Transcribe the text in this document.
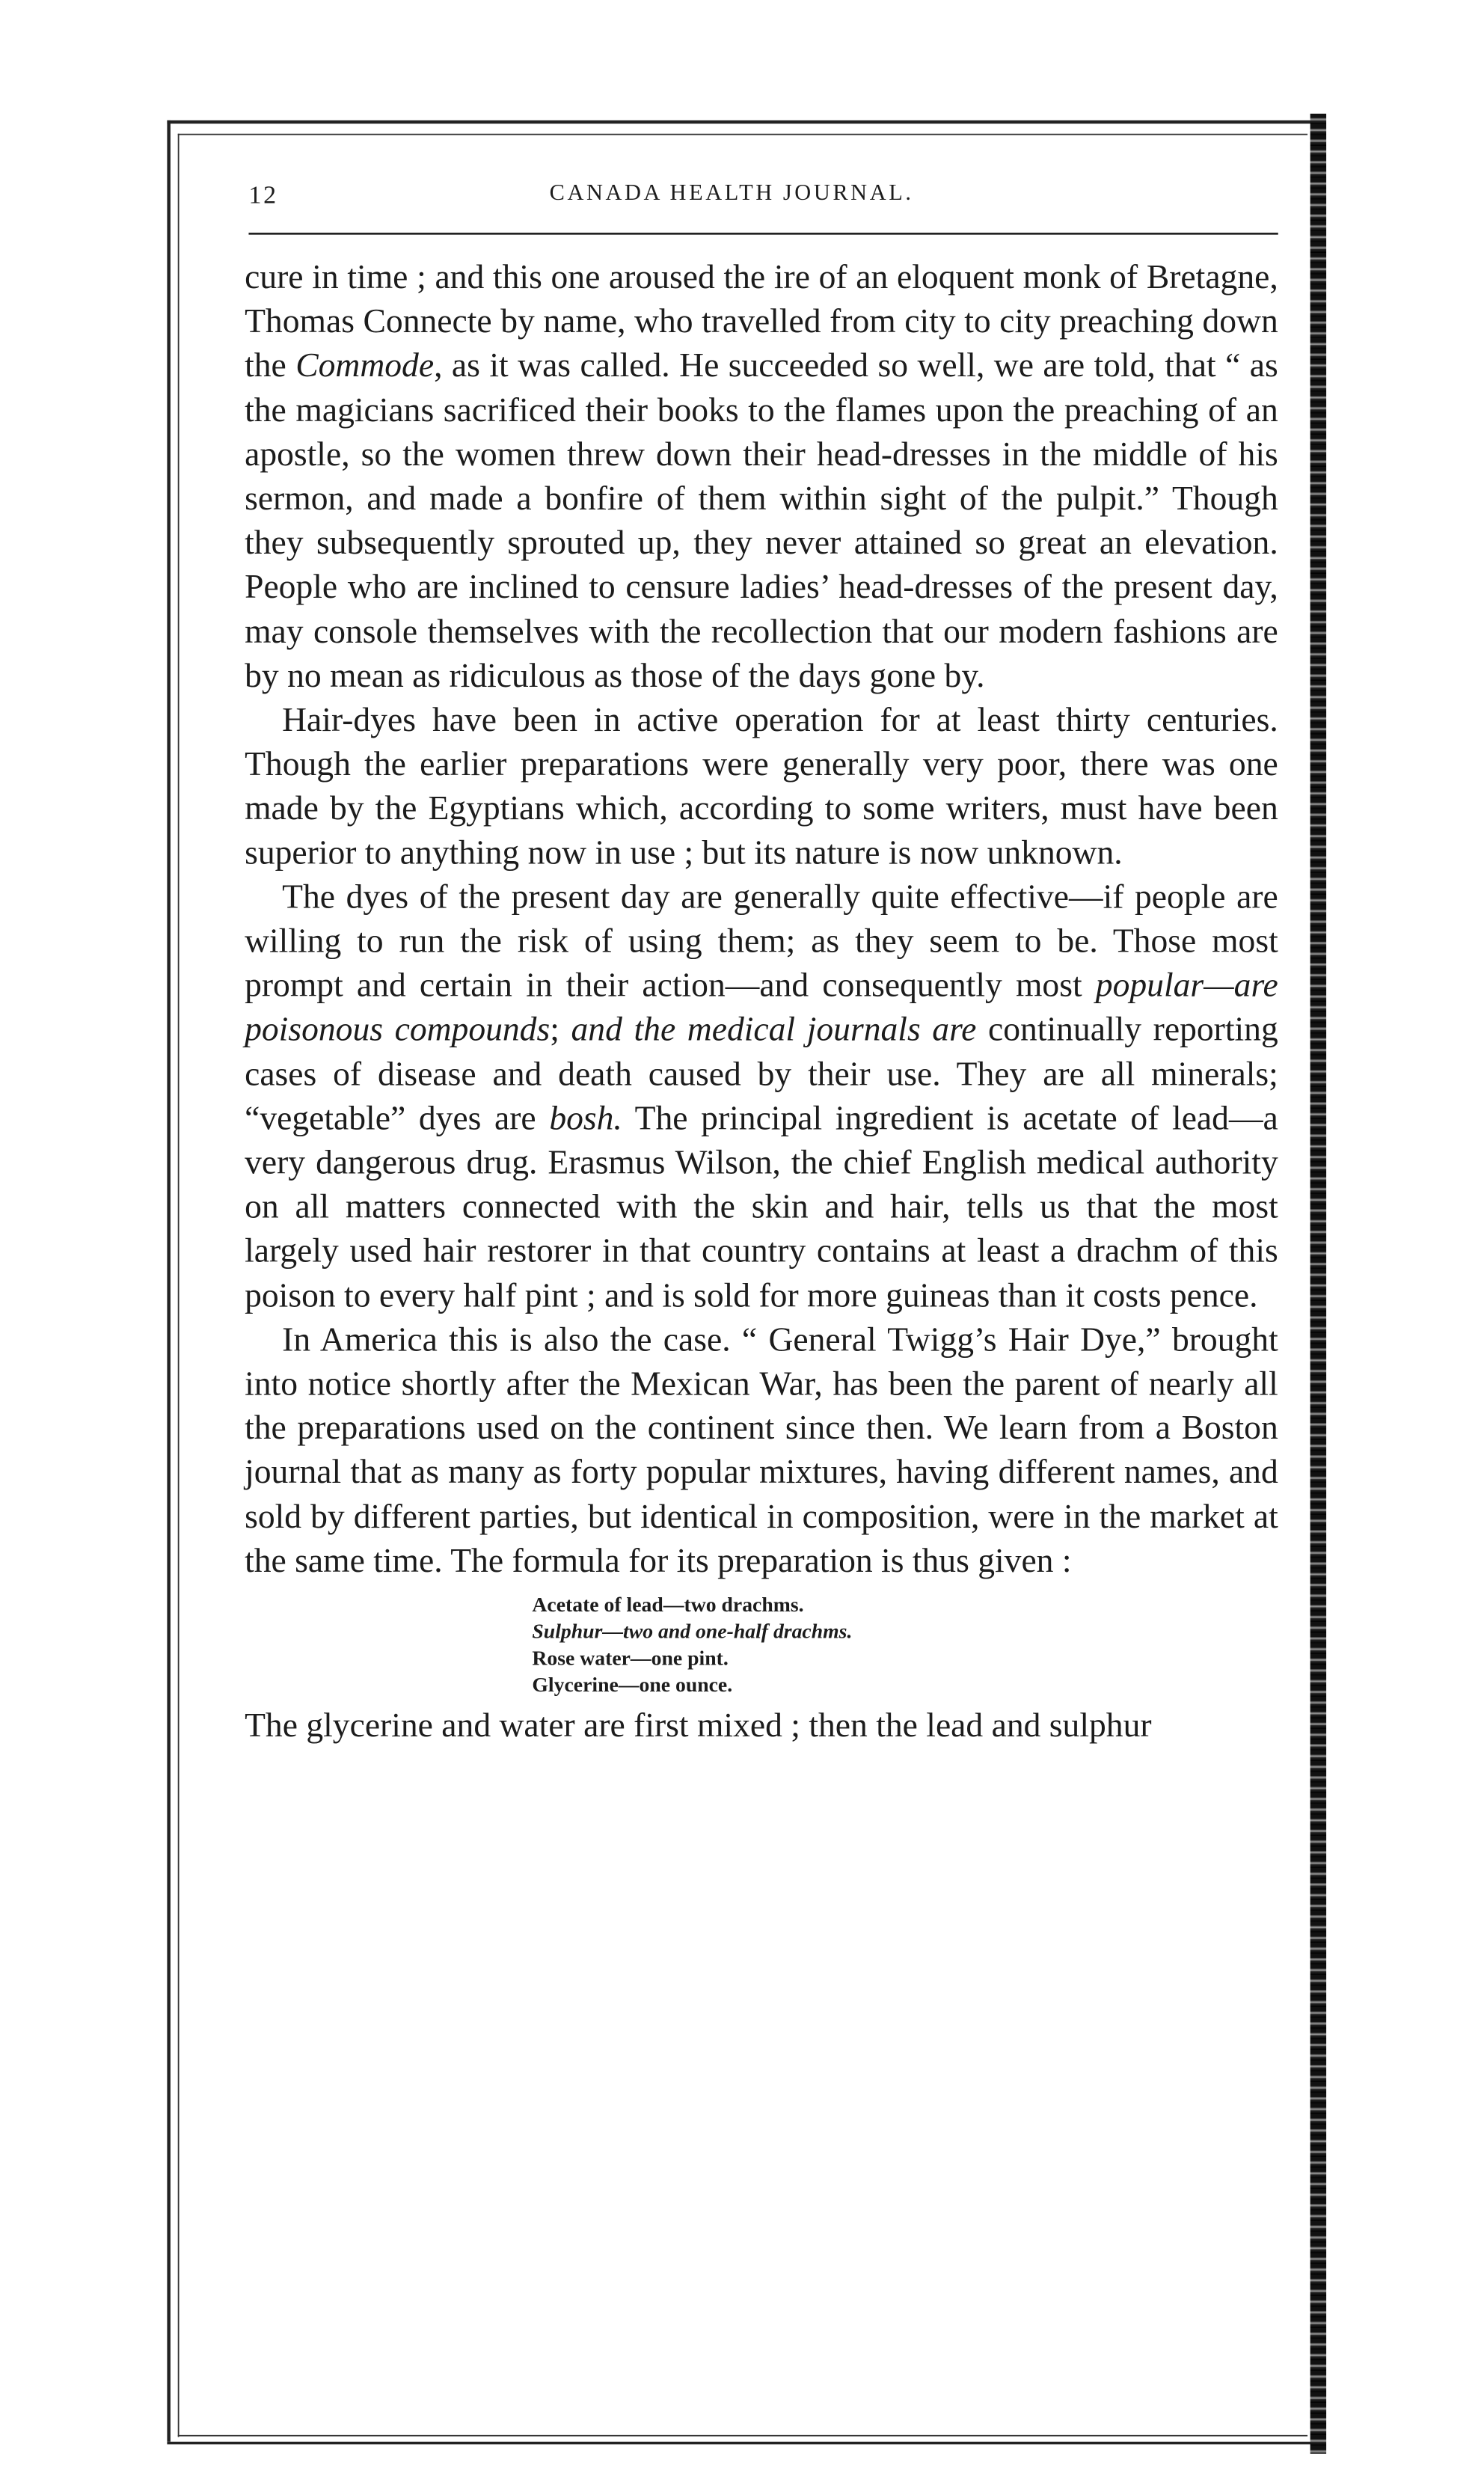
12	CANADA HEALTH JOURNAL.

cure in time ; and this one aroused the ire of an eloquent monk of Bretagne, Thomas Connecte by name, who travelled from city to city preaching down the Commode, as it was called. He succeeded so well, we are told, that “ as the magicians sacrificed their books to the flames upon the preaching of an apostle, so the women threw down their head-dresses in the middle of his sermon, and made a bonfire of them within sight of the pulpit.” Though they subsequently sprouted up, they never attained so great an elevation. People who are inclined to censure ladies’ head-dresses of the present day, may console themselves with the recollection that our modern fashions are by no mean as ridiculous as those of the days gone by.

Hair-dyes have been in active operation for at least thirty centuries. Though the earlier preparations were generally very poor, there was one made by the Egyptians which, according to some writers, must have been superior to anything now in use ; but its nature is now unknown.

The dyes of the present day are generally quite effective—if people are willing to run the risk of using them; as they seem to be. Those most prompt and certain in their action—and consequently most popular—are poisonous compounds; and the medical journals are continually reporting cases of disease and death caused by their use. They are all minerals; “vegetable” dyes are bosh. The principal ingredient is acetate of lead—a very dangerous drug. Erasmus Wilson, the chief English medical authority on all matters connected with the skin and hair, tells us that the most largely used hair restorer in that country contains at least a drachm of this poison to every half pint ; and is sold for more guineas than it costs pence.

In America this is also the case. “ General Twigg’s Hair Dye,” brought into notice shortly after the Mexican War, has been the parent of nearly all the preparations used on the continent since then. We learn from a Boston journal that as many as forty popular mixtures, having different names, and sold by different parties, but identical in composition, were in the market at the same time. The formula for its preparation is thus given :

Acetate of lead—two drachms.
Sulphur—two and one-half drachms.
Rose water—one pint.
Glycerine—one ounce.

The glycerine and water are first mixed ; then the lead and sulphur
